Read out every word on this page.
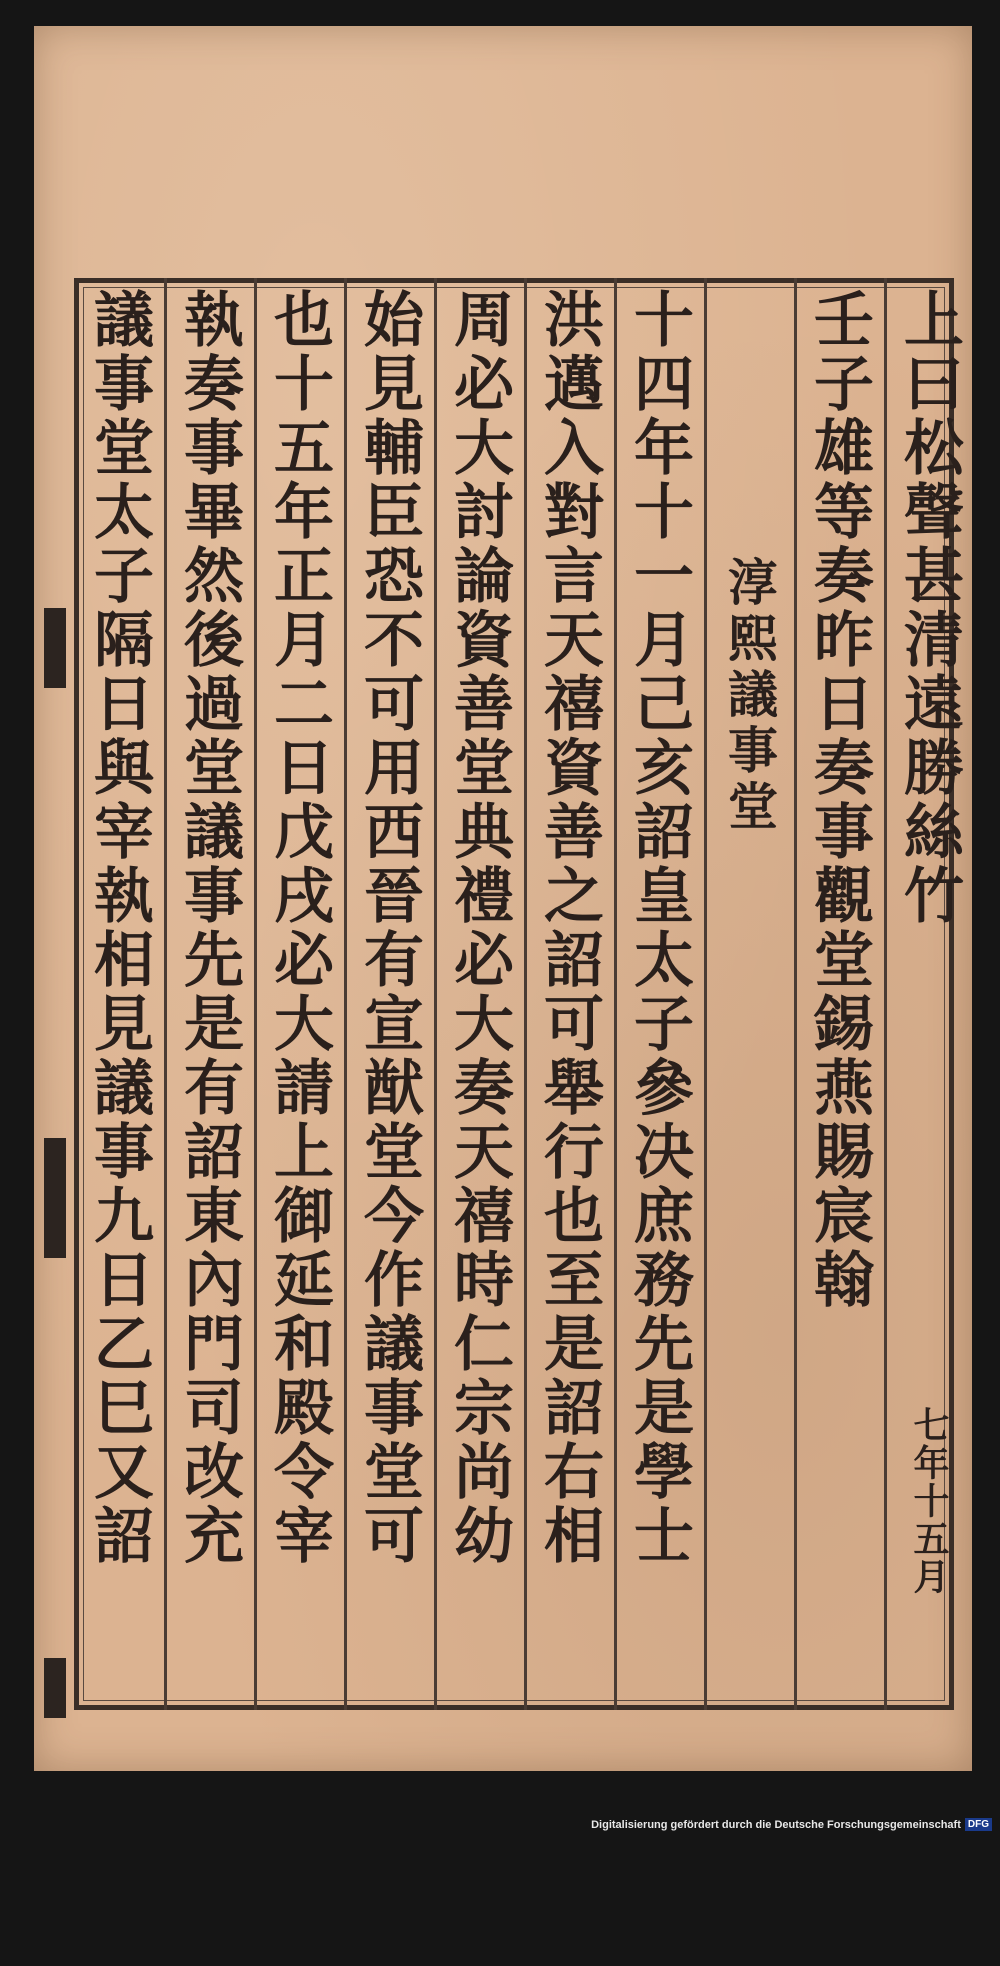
上曰松聲甚清遠勝絲竹
七年十五月
壬子雄等奏昨日奏事觀堂錫燕賜宸翰
淳熙議事堂
十四年十一月己亥詔皇太子參决庶務先是學士
洪邁入對言天禧資善之詔可舉行也至是詔右相
周必大討論資善堂典禮必大奏天禧時仁宗尚幼
始見輔臣恐不可用西晉有宣猷堂今作議事堂可
也十五年正月二日戊戌必大請上御延和殿令宰
執奏事畢然後過堂議事先是有詔東內門司改充
議事堂太子隔日與宰執相見議事九日乙巳又詔
Digitalisierung gefördert durch die Deutsche Forschungsgemeinschaft DFG
